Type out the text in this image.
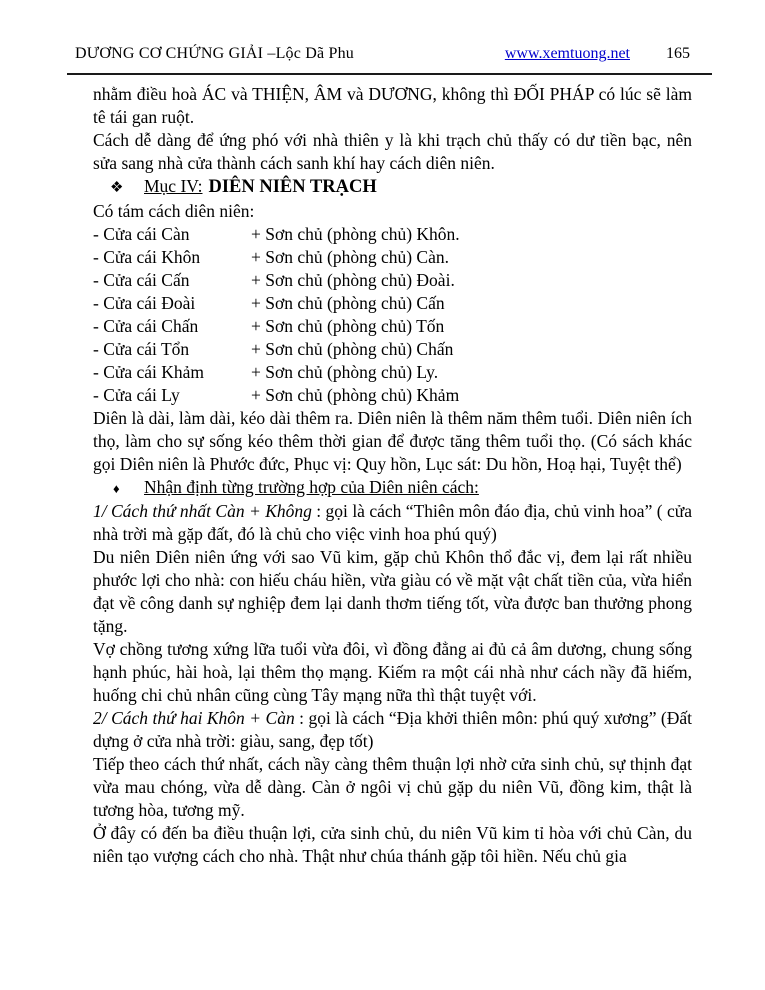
DƯƠNG CƠ CHỨNG GIẢI –Lộc Dã Phu	www.xemtuong.net 165

nhằm điều hoà ÁC và THIỆN, ÂM và DƯƠNG, không thì ĐỐI PHÁP có lúc sẽ làm tê tái gan ruột.

Cách dễ dàng để ứng phó với nhà thiên y là khi trạch chủ thấy có dư tiền bạc, nên sửa sang nhà cửa thành cách sanh khí hay cách diên niên.

❖	Mục IV: DIÊN NIÊN TRẠCH

Có tám cách diên niên:

- Cửa cái Càn	+ Sơn chủ (phòng chủ) Khôn.
- Cửa cái Khôn	+ Sơn chủ (phòng chủ) Càn.
- Cửa cái Cấn	+ Sơn chủ (phòng chủ) Đoài.
- Cửa cái Đoài	+ Sơn chủ (phòng chủ) Cấn
- Cửa cái Chấn	+ Sơn chủ (phòng chủ) Tốn
- Cửa cái Tổn	+ Sơn chủ (phòng chủ) Chấn
- Cửa cái Khảm	+ Sơn chủ (phòng chủ) Ly.
- Cửa cái Ly	+ Sơn chủ (phòng chủ) Khảm

Diên là dài, làm dài, kéo dài thêm ra. Diên niên là thêm năm thêm tuổi. Diên niên ích thọ, làm cho sự sống kéo thêm thời gian để được tăng thêm tuổi thọ. (Có sách khác gọi Diên niên là Phước đức, Phục vị: Quy hồn, Lục sát: Du hồn, Hoạ hại, Tuyệt thể)

♦	Nhận định từng trường hợp của Diên niên cách:

1/ Cách thứ nhất Càn + Không : gọi là cách “Thiên môn đáo địa, chủ vinh hoa” ( cửa nhà trời mà gặp đất, đó là chủ cho việc vinh hoa phú quý)

Du niên Diên niên ứng với sao Vũ kim, gặp chủ Khôn thổ đắc vị, đem lại rất nhiều phước lợi cho nhà: con hiếu cháu hiền, vừa giàu có về mặt vật chất tiền của, vừa hiển đạt về công danh sự nghiệp đem lại danh thơm tiếng tốt, vừa được ban thưởng phong tặng.

Vợ chồng tương xứng lữa tuổi vừa đôi, vì đồng đẳng ai đủ cả âm dương, chung sống hạnh phúc, hài hoà, lại thêm thọ mạng. Kiếm ra một cái nhà như cách nầy đã hiếm, huống chi chủ nhân cũng cùng Tây mạng nữa thì thật tuyệt với.

2/ Cách thứ hai Khôn + Càn : gọi là cách “Địa khởi thiên môn: phú quý xương” (Đất dựng ở cửa nhà trời: giàu, sang, đẹp tốt)

Tiếp theo cách thứ nhất, cách nầy càng thêm thuận lợi nhờ cửa sinh chủ, sự thịnh đạt vừa mau chóng, vừa dễ dàng. Càn ở ngôi vị chủ gặp du niên Vũ, đồng kim, thật là tương hòa, tương mỹ.

Ở đây có đến ba điều thuận lợi, cửa sinh chủ, du niên Vũ kim tỉ hòa với chủ Càn, du niên tạo vượng cách cho nhà. Thật như chúa thánh gặp tôi hiền. Nếu chủ gia
